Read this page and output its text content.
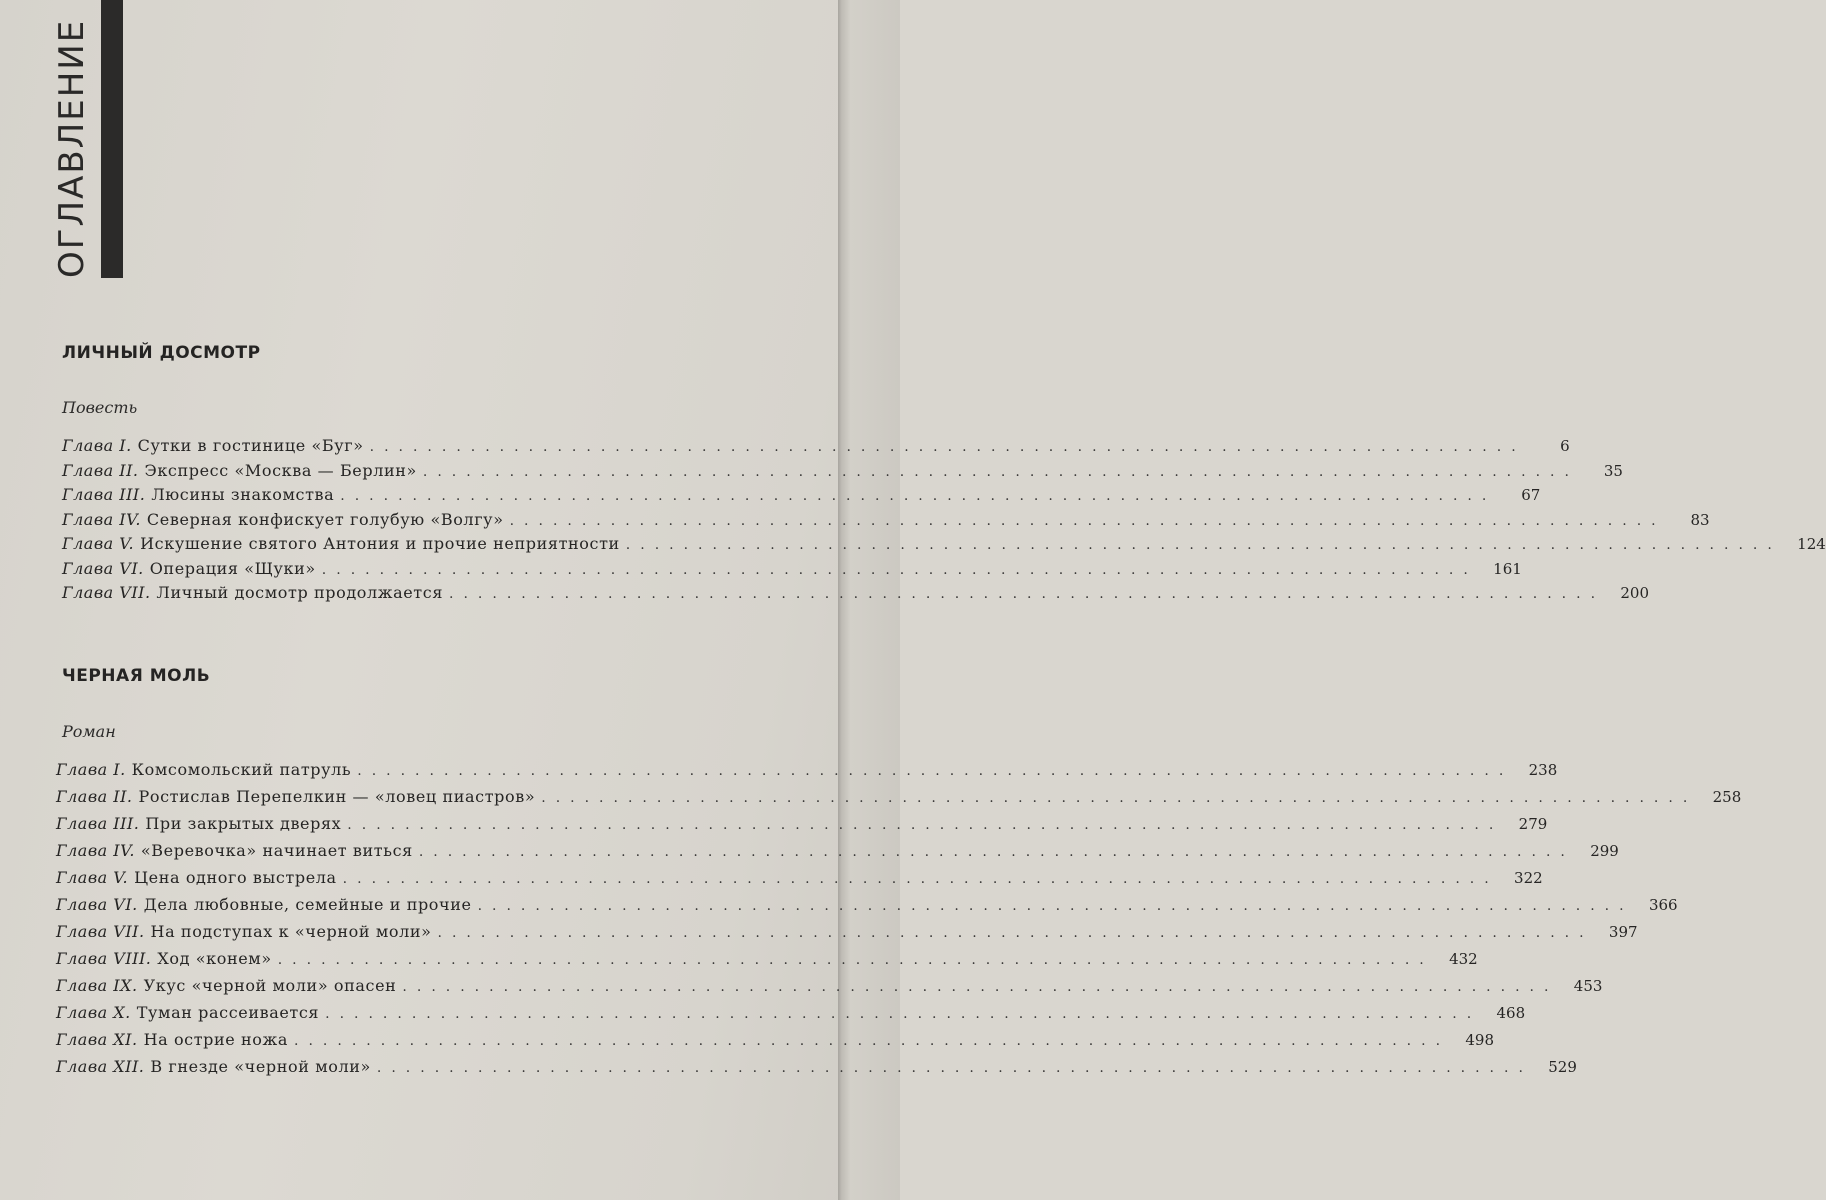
ОГЛАВЛЕНИЕ
ЛИЧНЫЙ ДОСМОТР
Повесть
ЧЕРНАЯ МОЛЬ
Роман
Глава I. Сутки в гостинице «Буг» ................................................................................	6
Глава II. Экспресс «Москва — Берлин» ................................................................................	35
Глава III. Люсины знакомства ................................................................................	67
Глава IV. Северная конфискует голубую «Волгу» ................................................................................	83
Глава V. Искушение святого Антония и прочие неприятности ................................................................................	124
Глава VI. Операция «Щуки» ................................................................................	161
Глава VII. Личный досмотр продолжается ................................................................................	200
Глава I. Комсомольский патруль ................................................................................	238
Глава II. Ростислав Перепелкин — «ловец пиастров» ................................................................................	258
Глава III. При закрытых дверях ................................................................................	279
Глава IV. «Веревочка» начинает виться ................................................................................	299
Глава V. Цена одного выстрела ................................................................................	322
Глава VI. Дела любовные, семейные и прочие ................................................................................	366
Глава VII. На подступах к «черной моли» ................................................................................	397
Глава VIII. Ход «конем» ................................................................................	432
Глава IX. Укус «черной моли» опасен ................................................................................	453
Глава X. Туман рассеивается ................................................................................	468
Глава XI. На острие ножа ................................................................................	498
Глава XII. В гнезде «черной моли» ................................................................................	529
